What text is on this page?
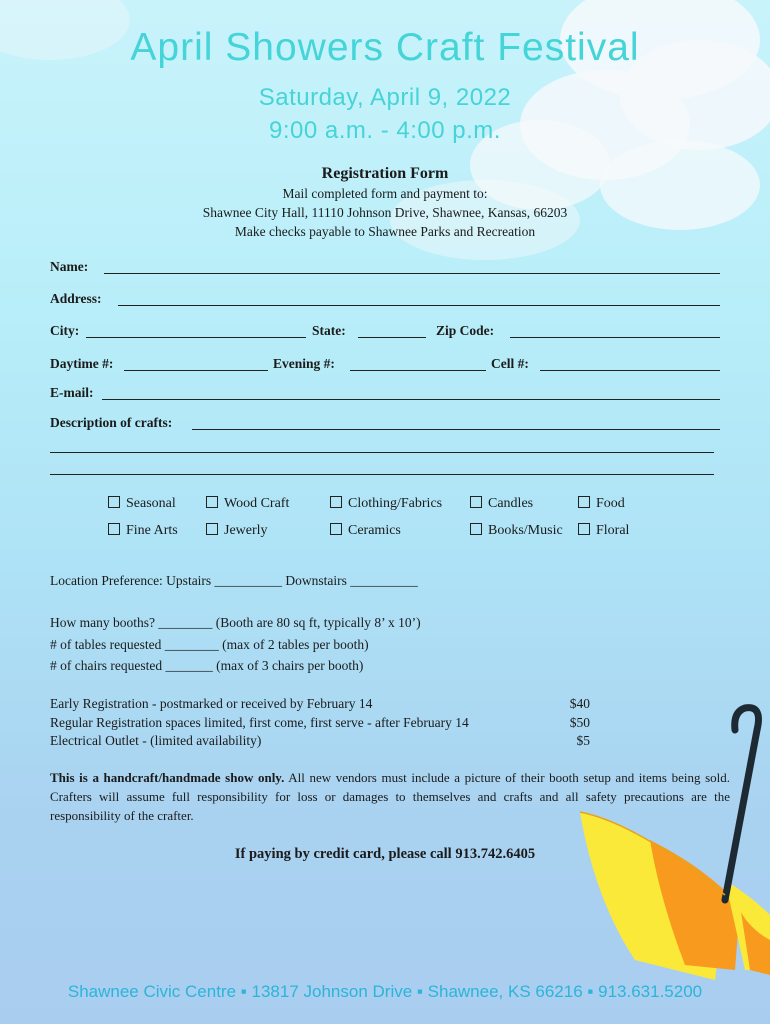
April Showers Craft Festival
Saturday, April 9, 2022
9:00 a.m. - 4:00 p.m.
Registration Form
Mail completed form and payment to:
Shawnee City Hall, 11110 Johnson Drive, Shawnee, Kansas, 66203
Make checks payable to Shawnee Parks and Recreation
Name:
Address:
City:	State:	Zip Code:
Daytime #:	Evening #:	Cell #:
E-mail:
Description of crafts:
Seasonal	Wood Craft	Clothing/Fabrics	Candles	Food
Fine Arts	Jewerly	Ceramics	Books/Music	Floral
Location Preference: Upstairs __________ Downstairs __________
How many booths? ________ (Booth are 80 sq ft, typically 8’ x 10’)
# of tables requested ________ (max of 2 tables per booth)
# of chairs requested _______ (max of 3 chairs per booth)
Early Registration - postmarked or received by February 14	$40
Regular Registration spaces limited, first come, first serve - after February 14	$50
Electrical Outlet - (limited availability)	$5
This is a handcraft/handmade show only. All new vendors must include a picture of their booth setup and items being sold. Crafters will assume full responsibility for loss or damages to themselves and crafts and all safety precautions are the responsibility of the crafter.
If paying by credit card, please call 913.742.6405
Shawnee Civic Centre ▪ 13817 Johnson Drive ▪ Shawnee, KS 66216 ▪ 913.631.5200
